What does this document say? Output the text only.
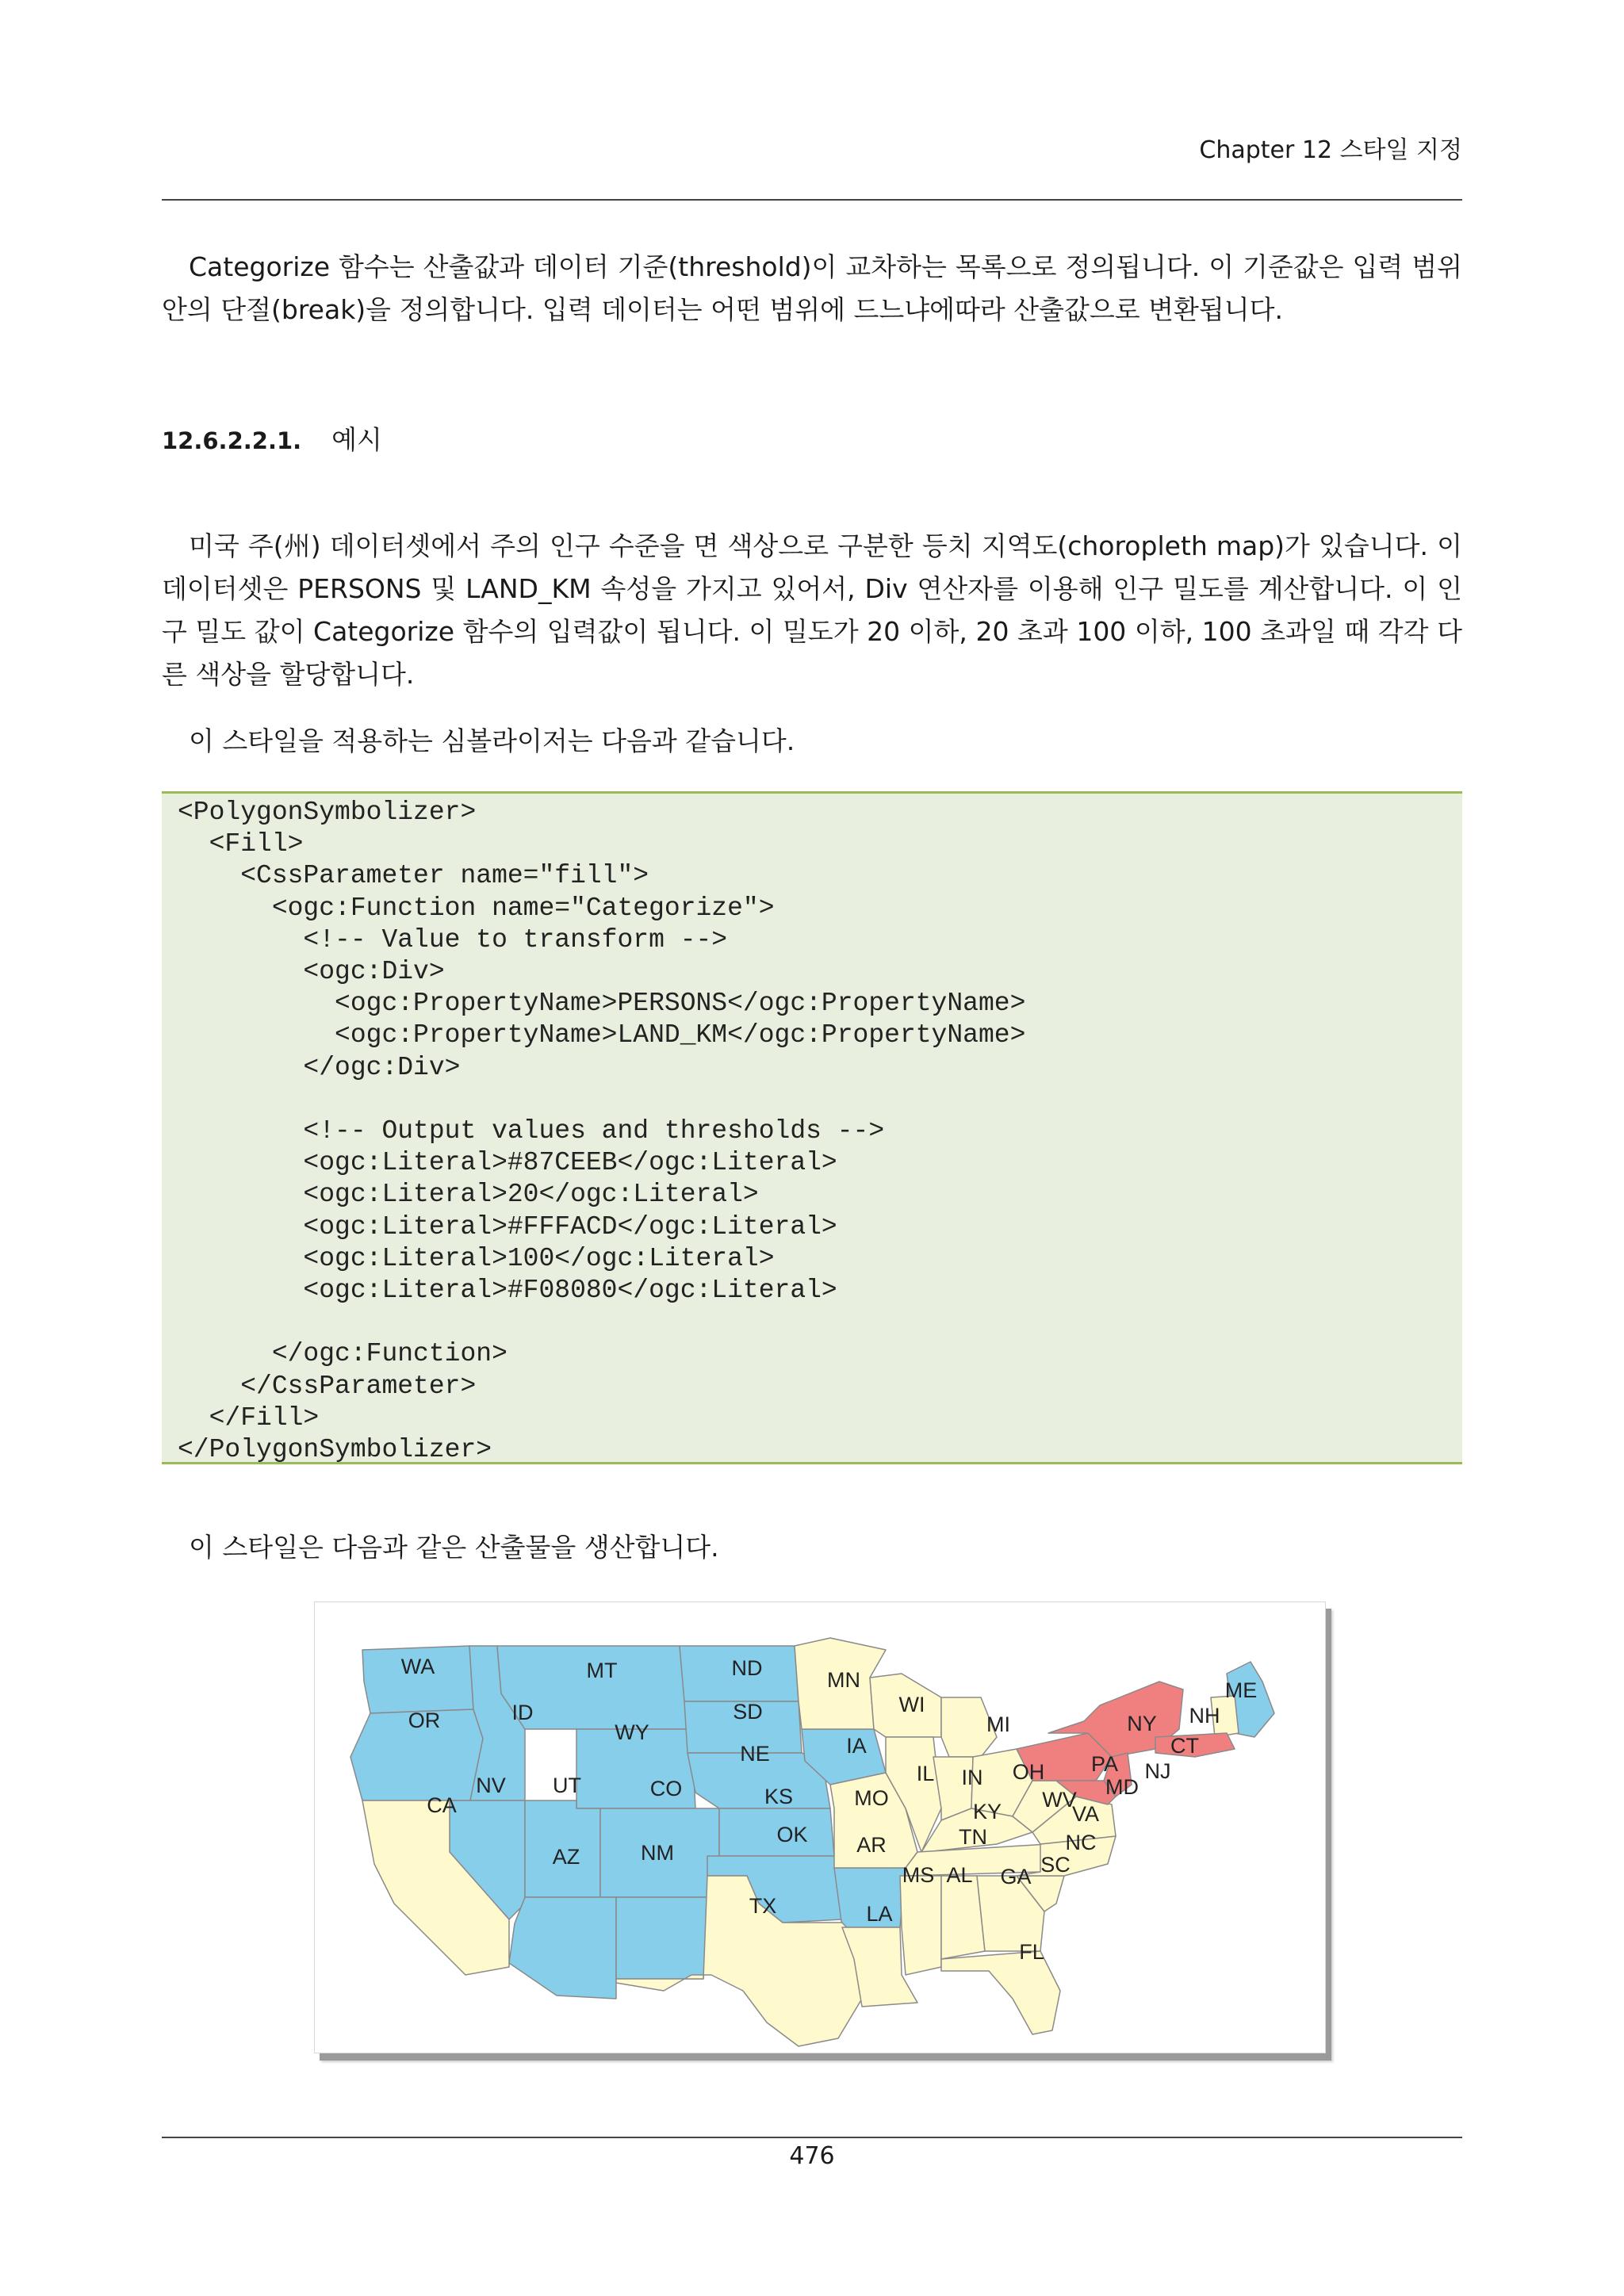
Chapter 12 스타일 지정

Categorize 함수는 산출값과 데이터 기준(threshold)이 교차하는 목록으로 정의됩니다. 이 기준값은 입력 범위 안의 단절(break)을 정의합니다. 입력 데이터는 어떤 범위에 드느냐에따라 산출값으로 변환됩니다.

12.6.2.2.1. 예시

미국 주(州) 데이터셋에서 주의 인구 수준을 면 색상으로 구분한 등치 지역도(choropleth map)가 있습니다. 이 데이터셋은 PERSONS 및 LAND_KM 속성을 가지고 있어서, Div 연산자를 이용해 인구 밀도를 계산합니다. 이 인구 밀도 값이 Categorize 함수의 입력값이 됩니다. 이 밀도가 20 이하, 20 초과 100 이하, 100 초과일 때 각각 다른 색상을 할당합니다.

이 스타일을 적용하는 심볼라이저는 다음과 같습니다.

<PolygonSymbolizer>
<Fill>
<CssParameter name="fill">
<ogc:Function name="Categorize">
<!-- Value to transform -->
<ogc:Div>
<ogc:PropertyName>PERSONS</ogc:PropertyName>
<ogc:PropertyName>LAND_KM</ogc:PropertyName>
</ogc:Div>

<!-- Output values and thresholds -->
<ogc:Literal>#87CEEB</ogc:Literal>
<ogc:Literal>20</ogc:Literal>
<ogc:Literal>#FFFACD</ogc:Literal>
<ogc:Literal>100</ogc:Literal>
<ogc:Literal>#F08080</ogc:Literal>

</ogc:Function>
</CssParameter>
</Fill>
</PolygonSymbolizer>

이 스타일은 다음과 같은 산출물을 생산합니다.

WA
OR
CA
ID
NV
MT
WY
UT
AZ
CO
NM
ND
SD
NE
KS
OK
TX
MN
IA
MO
AR
LA
WI
IL
MI
IN OH
KY
TN
MS AL GA
FL
SC
NC
VA
WV
PA
NY
MD
NJ
CT
NH
ME
476
